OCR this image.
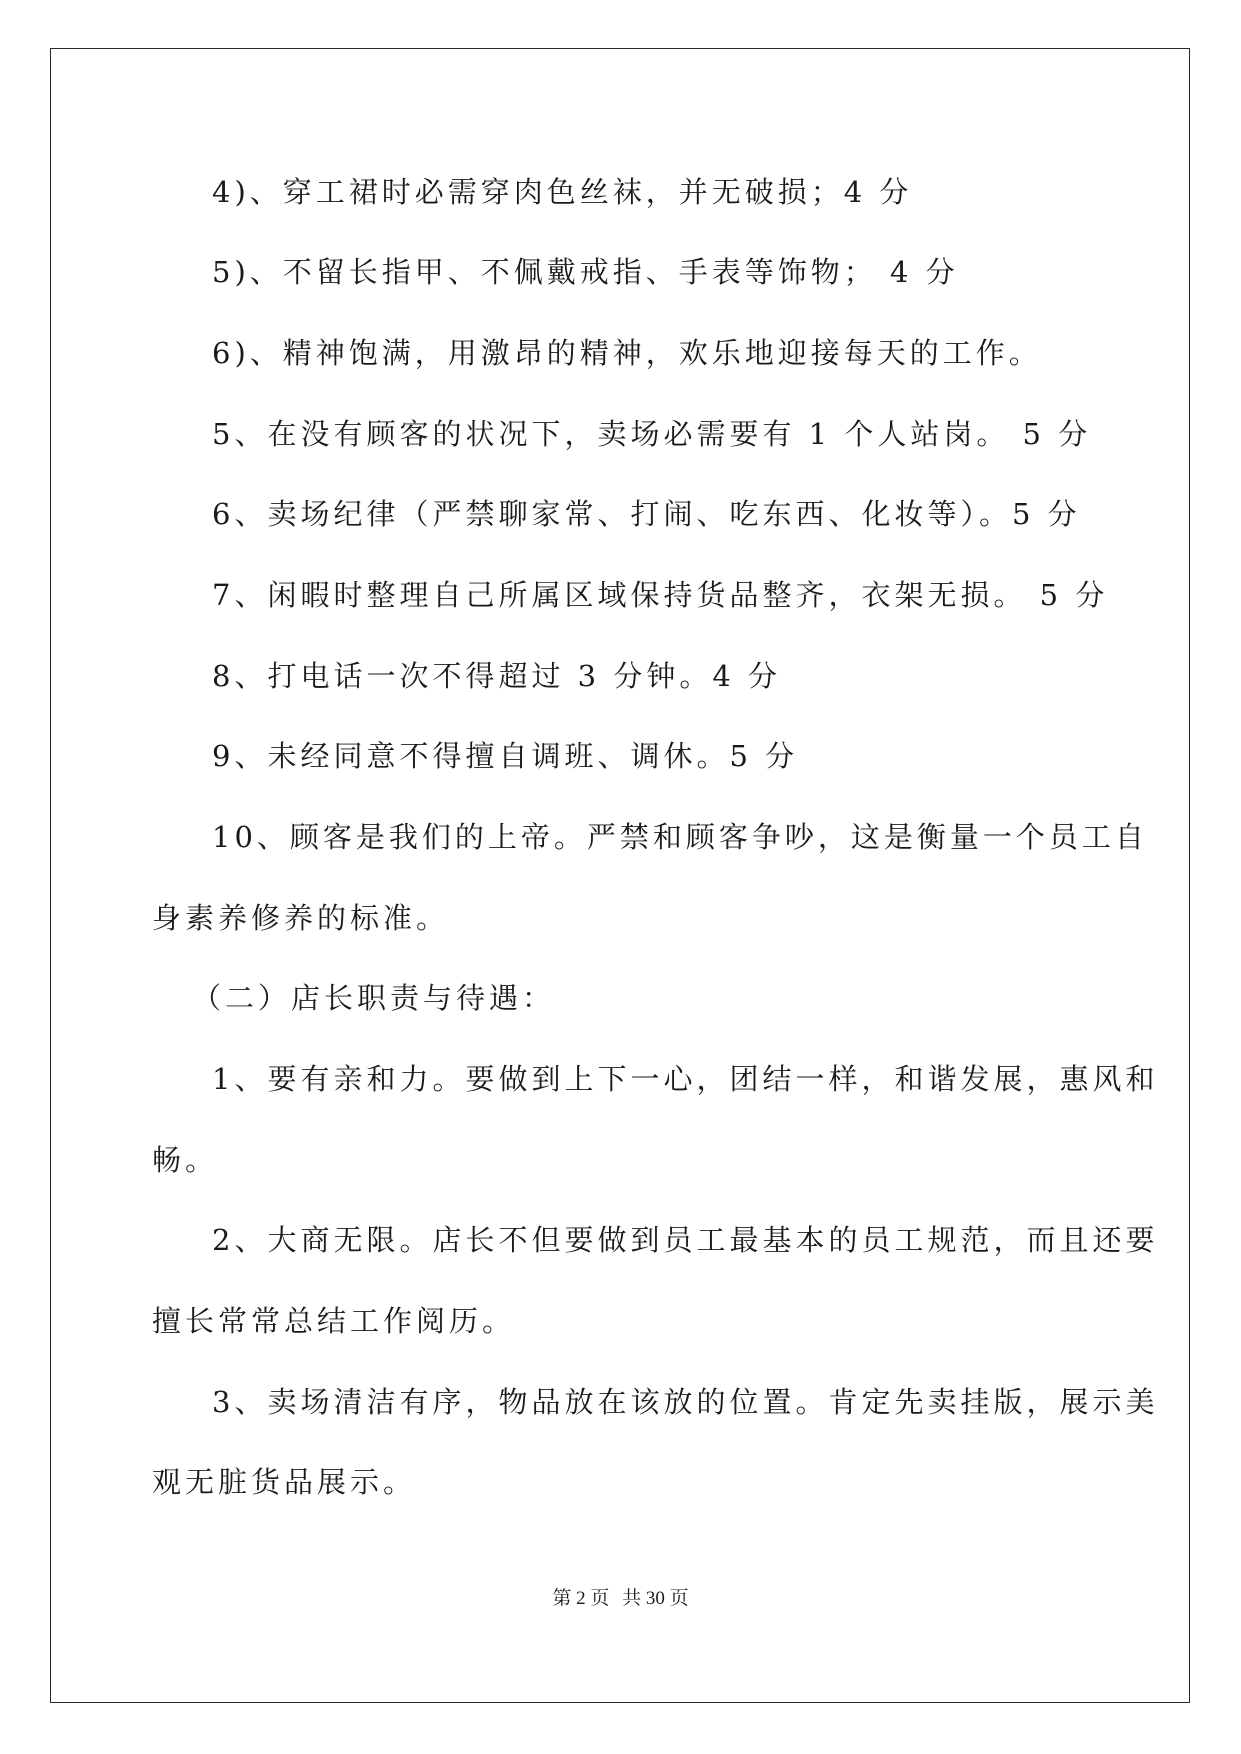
4)、穿工裙时必需穿肉色丝袜，并无破损；4 分
5)、不留长指甲、不佩戴戒指、手表等饰物； 4 分
6)、精神饱满，用激昂的精神，欢乐地迎接每天的工作。
5、在没有顾客的状况下，卖场必需要有 1 个人站岗。 5 分
6、卖场纪律（严禁聊家常、打闹、吃东西、化妆等）。5 分
7、闲暇时整理自己所属区域保持货品整齐，衣架无损。 5 分
8、打电话一次不得超过 3 分钟。4 分
9、未经同意不得擅自调班、调休。5 分
10、顾客是我们的上帝。严禁和顾客争吵，这是衡量一个员工自
身素养修养的标准。
（二）店长职责与待遇：
1、要有亲和力。要做到上下一心，团结一样，和谐发展，惠风和
畅。
2、大商无限。店长不但要做到员工最基本的员工规范，而且还要
擅长常常总结工作阅历。
3、卖场清洁有序，物品放在该放的位置。肯定先卖挂版，展示美
观无脏货品展示。
第 2 页 共 30 页
